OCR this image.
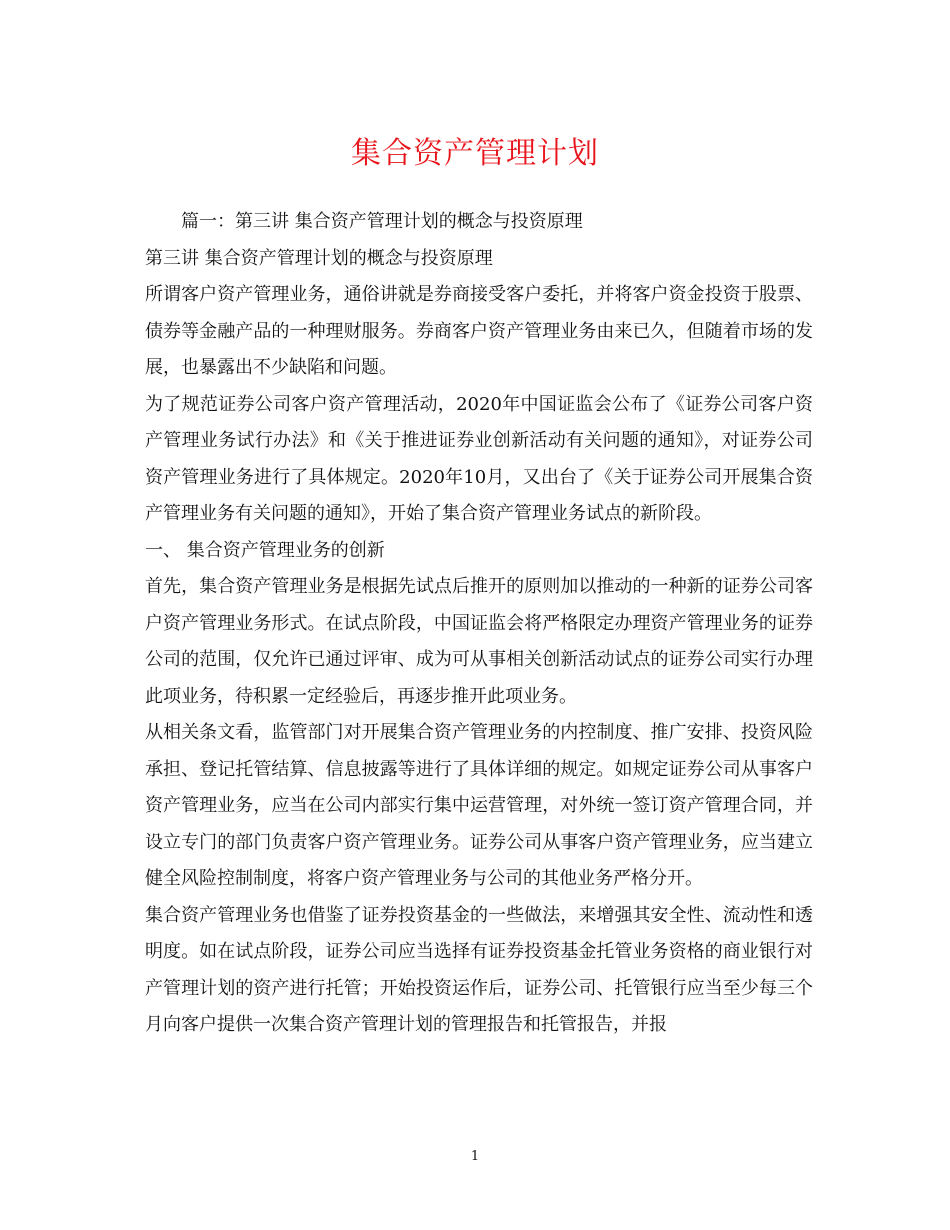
集合资产管理计划

篇一：第三讲 集合资产管理计划的概念与投资原理

第三讲 集合资产管理计划的概念与投资原理

所谓客户资产管理业务，通俗讲就是券商接受客户委托，并将客户资金投资于股票、债券等金融产品的一种理财服务。券商客户资产管理业务由来已久，但随着市场的发展，也暴露出不少缺陷和问题。

为了规范证券公司客户资产管理活动，2020年中国证监会公布了《证券公司客户资产管理业务试行办法》和《关于推进证券业创新活动有关问题的通知》，对证券公司资产管理业务进行了具体规定。2020年10月，又出台了《关于证券公司开展集合资产管理业务有关问题的通知》，开始了集合资产管理业务试点的新阶段。

一、 集合资产管理业务的创新

首先，集合资产管理业务是根据先试点后推开的原则加以推动的一种新的证券公司客户资产管理业务形式。在试点阶段，中国证监会将严格限定办理资产管理业务的证券公司的范围，仅允许已通过评审、成为可从事相关创新活动试点的证券公司实行办理此项业务，待积累一定经验后，再逐步推开此项业务。

从相关条文看，监管部门对开展集合资产管理业务的内控制度、推广安排、投资风险承担、登记托管结算、信息披露等进行了具体详细的规定。如规定证券公司从事客户资产管理业务，应当在公司内部实行集中运营管理，对外统一签订资产管理合同，并设立专门的部门负责客户资产管理业务。证券公司从事客户资产管理业务，应当建立健全风险控制制度，将客户资产管理业务与公司的其他业务严格分开。

集合资产管理业务也借鉴了证券投资基金的一些做法，来增强其安全性、流动性和透明度。如在试点阶段，证券公司应当选择有证券投资基金托管业务资格的商业银行对产管理计划的资产进行托管；开始投资运作后，证券公司、托管银行应当至少每三个月向客户提供一次集合资产管理计划的管理报告和托管报告，并报

1
